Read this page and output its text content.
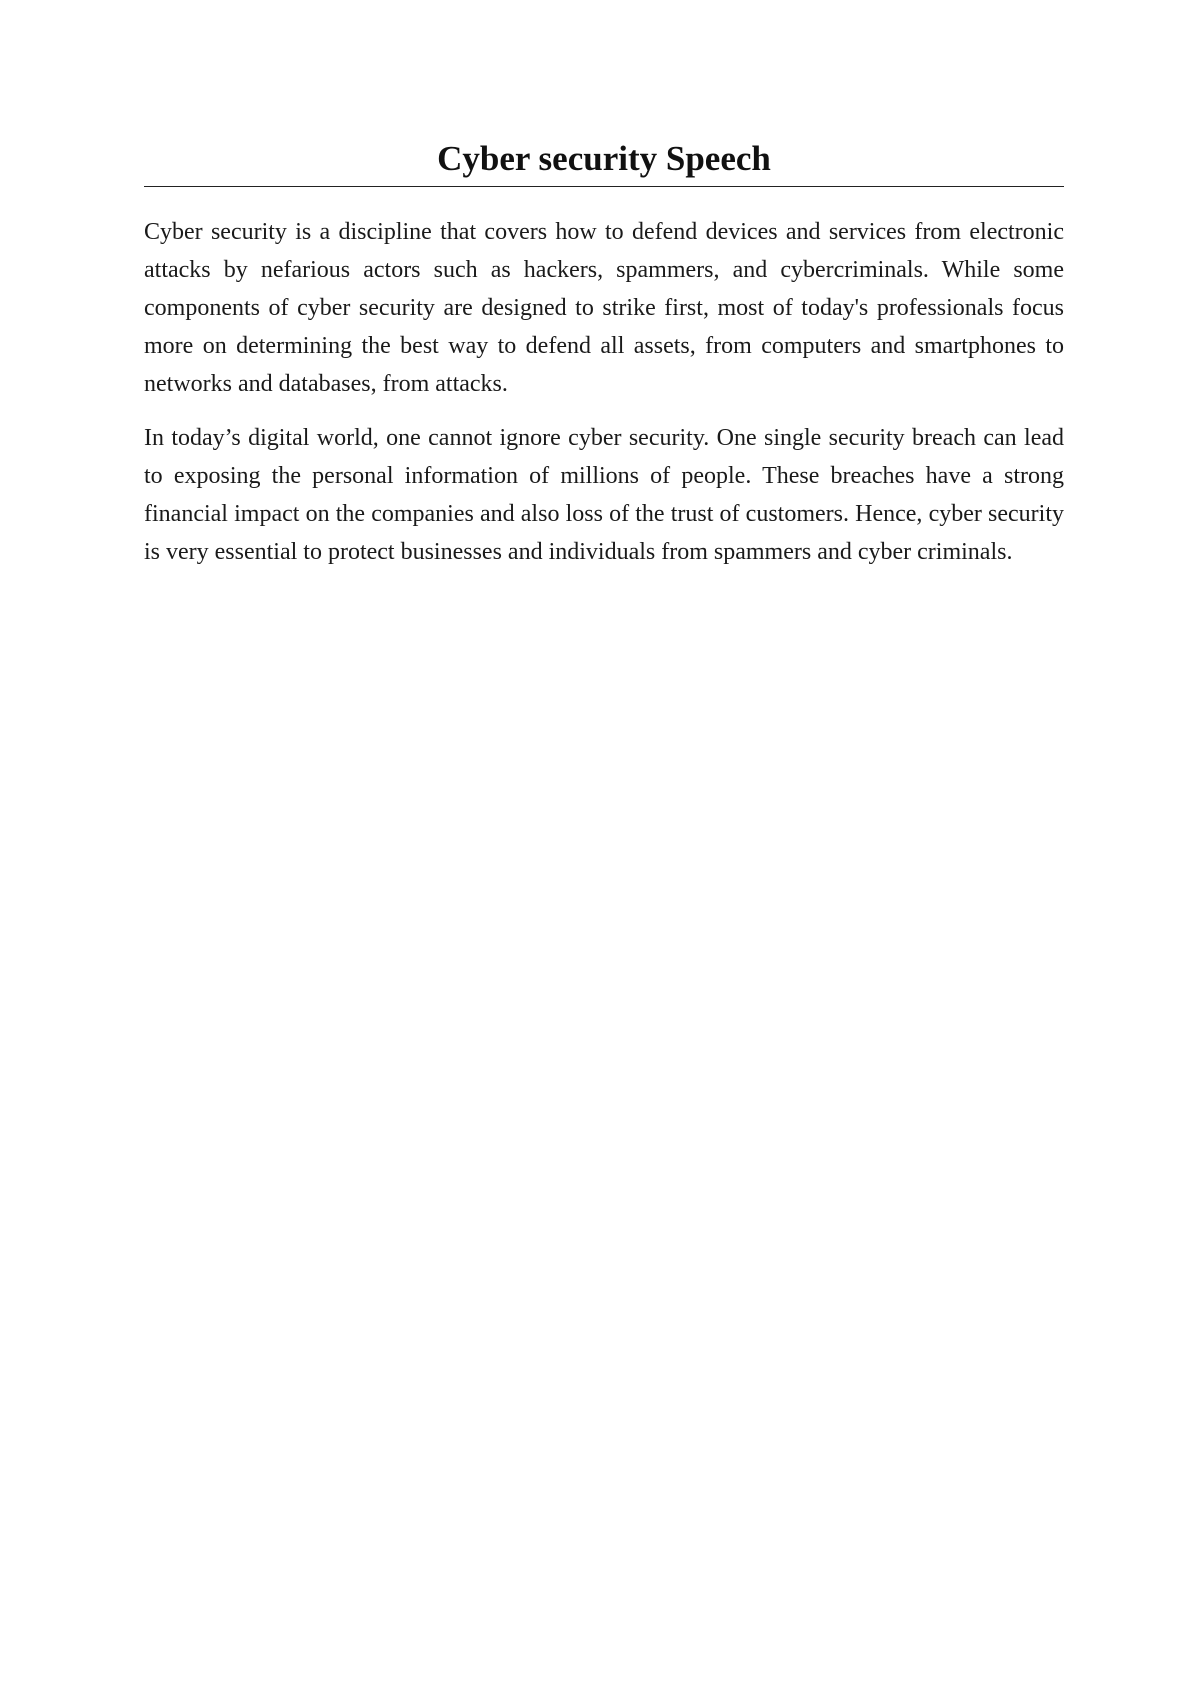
Cyber security Speech

Cyber security is a discipline that covers how to defend devices and services from electronic attacks by nefarious actors such as hackers, spammers, and cybercriminals. While some components of cyber security are designed to strike first, most of today's professionals focus more on determining the best way to defend all assets, from computers and smartphones to networks and databases, from attacks.

In today’s digital world, one cannot ignore cyber security. One single security breach can lead to exposing the personal information of millions of people. These breaches have a strong financial impact on the companies and also loss of the trust of customers. Hence, cyber security is very essential to protect businesses and individuals from spammers and cyber criminals.
